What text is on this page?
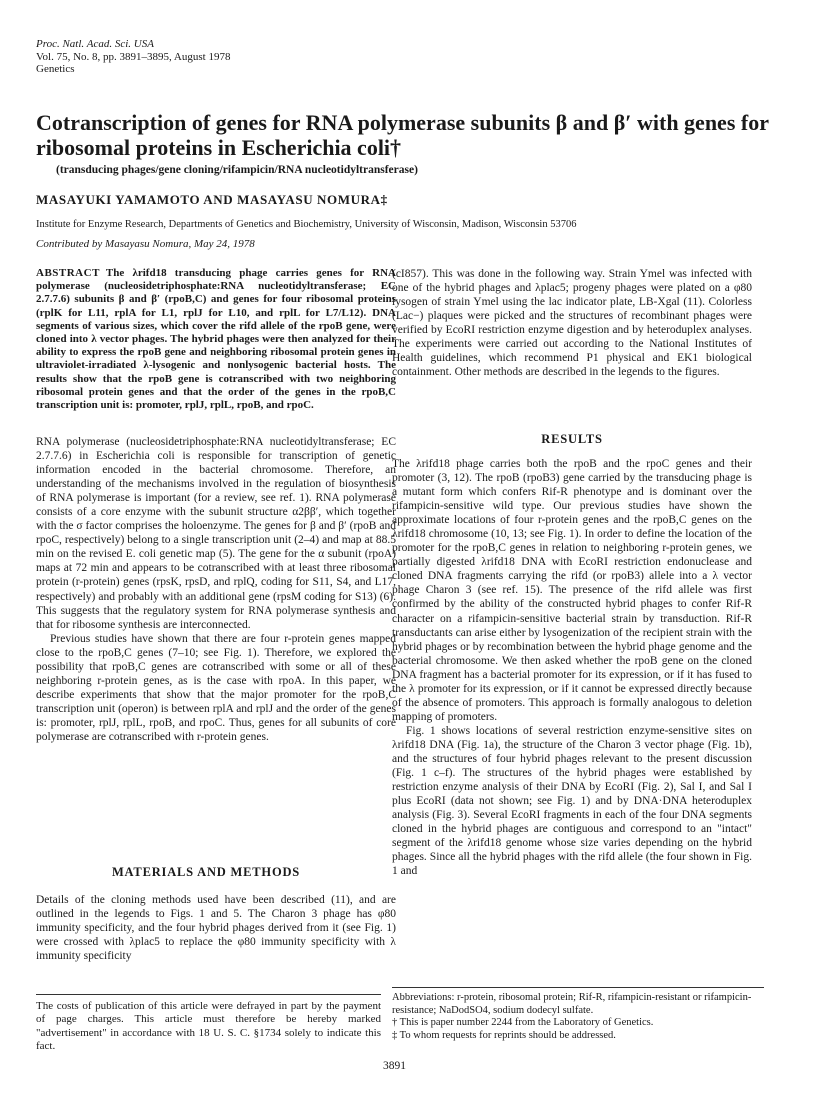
Proc. Natl. Acad. Sci. USA
Vol. 75, No. 8, pp. 3891–3895, August 1978
Genetics
Cotranscription of genes for RNA polymerase subunits β and β′ with genes for ribosomal proteins in Escherichia coli†
(transducing phages/gene cloning/rifampicin/RNA nucleotidyltransferase)
MASAYUKI YAMAMOTO AND MASAYASU NOMURA‡
Institute for Enzyme Research, Departments of Genetics and Biochemistry, University of Wisconsin, Madison, Wisconsin 53706
Contributed by Masayasu Nomura, May 24, 1978

ABSTRACT The λrifd18 transducing phage carries genes for RNA polymerase (nucleosidetriphosphate:RNA nucleotidyltransferase; EC 2.7.7.6) subunits β and β′ (rpoB,C) and genes for four ribosomal proteins (rplK for L11, rplA for L1, rplJ for L10, and rplL for L7/L12). DNA segments of various sizes, which cover the rifd allele of the rpoB gene, were cloned into λ vector phages. The hybrid phages were then analyzed for their ability to express the rpoB gene and neighboring ribosomal protein genes in ultraviolet-irradiated λ-lysogenic and nonlysogenic bacterial hosts. The results show that the rpoB gene is cotranscribed with two neighboring ribosomal protein genes and that the order of the genes in the rpoB,C transcription unit is: promoter, rplJ, rplL, rpoB, and rpoC.

RNA polymerase (nucleosidetriphosphate:RNA nucleotidyltransferase; EC 2.7.7.6) in Escherichia coli is responsible for transcription of genetic information encoded in the bacterial chromosome. Therefore, an understanding of the mechanisms involved in the regulation of biosynthesis of RNA polymerase is important (for a review, see ref. 1). RNA polymerase consists of a core enzyme with the subunit structure α2ββ′, which together with the σ factor comprises the holoenzyme. The genes for β and β′ (rpoB and rpoC, respectively) belong to a single transcription unit (2–4) and map at 88.5 min on the revised E. coli genetic map (5). The gene for the α subunit (rpoA) maps at 72 min and appears to be cotranscribed with at least three ribosomal protein (r-protein) genes (rpsK, rpsD, and rplQ, coding for S11, S4, and L17, respectively) and probably with an additional gene (rpsM coding for S13) (6). This suggests that the regulatory system for RNA polymerase synthesis and that for ribosome synthesis are interconnected.

Previous studies have shown that there are four r-protein genes mapped close to the rpoB,C genes (7–10; see Fig. 1). Therefore, we explored the possibility that rpoB,C genes are cotranscribed with some or all of these neighboring r-protein genes, as is the case with rpoA. In this paper, we describe experiments that show that the major promoter for the rpoB,C transcription unit (operon) is between rplA and rplJ and the order of the genes is: promoter, rplJ, rplL, rpoB, and rpoC. Thus, genes for all subunits of core polymerase are cotranscribed with r-protein genes.

MATERIALS AND METHODS

Details of the cloning methods used have been described (11), and are outlined in the legends to Figs. 1 and 5. The Charon 3 phage has φ80 immunity specificity, and the four hybrid phages derived from it (see Fig. 1) were crossed with λplac5 to replace the φ80 immunity specificity with λ immunity specificity

The costs of publication of this article were defrayed in part by the payment of page charges. This article must therefore be hereby marked "advertisement" in accordance with 18 U. S. C. §1734 solely to indicate this fact.

(cI857). This was done in the following way. Strain Ymel was infected with one of the hybrid phages and λplac5; progeny phages were plated on a φ80 lysogen of strain Ymel using the lac indicator plate, LB-Xgal (11). Colorless (Lac−) plaques were picked and the structures of recombinant phages were verified by EcoRI restriction enzyme digestion and by heteroduplex analyses. The experiments were carried out according to the National Institutes of Health guidelines, which recommend P1 physical and EK1 biological containment. Other methods are described in the legends to the figures.

RESULTS

The λrifd18 phage carries both the rpoB and the rpoC genes and their promoter (3, 12). The rpoB (rpoB3) gene carried by the transducing phage is a mutant form which confers Rif-R phenotype and is dominant over the rifampicin-sensitive wild type. Our previous studies have shown the approximate locations of four r-protein genes and the rpoB,C genes on the λrifd18 chromosome (10, 13; see Fig. 1). In order to define the location of the promoter for the rpoB,C genes in relation to neighboring r-protein genes, we partially digested λrifd18 DNA with EcoRI restriction endonuclease and cloned DNA fragments carrying the rifd (or rpoB3) allele into a λ vector phage Charon 3 (see ref. 15). The presence of the rifd allele was first confirmed by the ability of the constructed hybrid phages to confer Rif-R character on a rifampicin-sensitive bacterial strain by transduction. Rif-R transductants can arise either by lysogenization of the recipient strain with the hybrid phages or by recombination between the hybrid phage genome and the bacterial chromosome. We then asked whether the rpoB gene on the cloned DNA fragment has a bacterial promoter for its expression, or if it has fused to the λ promoter for its expression, or if it cannot be expressed directly because of the absence of promoters. This approach is formally analogous to deletion mapping of promoters.

Fig. 1 shows locations of several restriction enzyme-sensitive sites on λrifd18 DNA (Fig. 1a), the structure of the Charon 3 vector phage (Fig. 1b), and the structures of four hybrid phages relevant to the present discussion (Fig. 1 c–f). The structures of the hybrid phages were established by restriction enzyme analysis of their DNA by EcoRI (Fig. 2), Sal I, and Sal I plus EcoRI (data not shown; see Fig. 1) and by DNA·DNA heteroduplex analysis (Fig. 3). Several EcoRI fragments in each of the four DNA segments cloned in the hybrid phages are contiguous and correspond to an "intact" segment of the λrifd18 genome whose size varies depending on the hybrid phages. Since all the hybrid phages with the rifd allele (the four shown in Fig. 1 and

Abbreviations: r-protein, ribosomal protein; Rif-R, rifampicin-resistant or rifampicin-resistance; NaDodSO4, sodium dodecyl sulfate.

† This is paper number 2244 from the Laboratory of Genetics.

‡ To whom requests for reprints should be addressed.

3891
